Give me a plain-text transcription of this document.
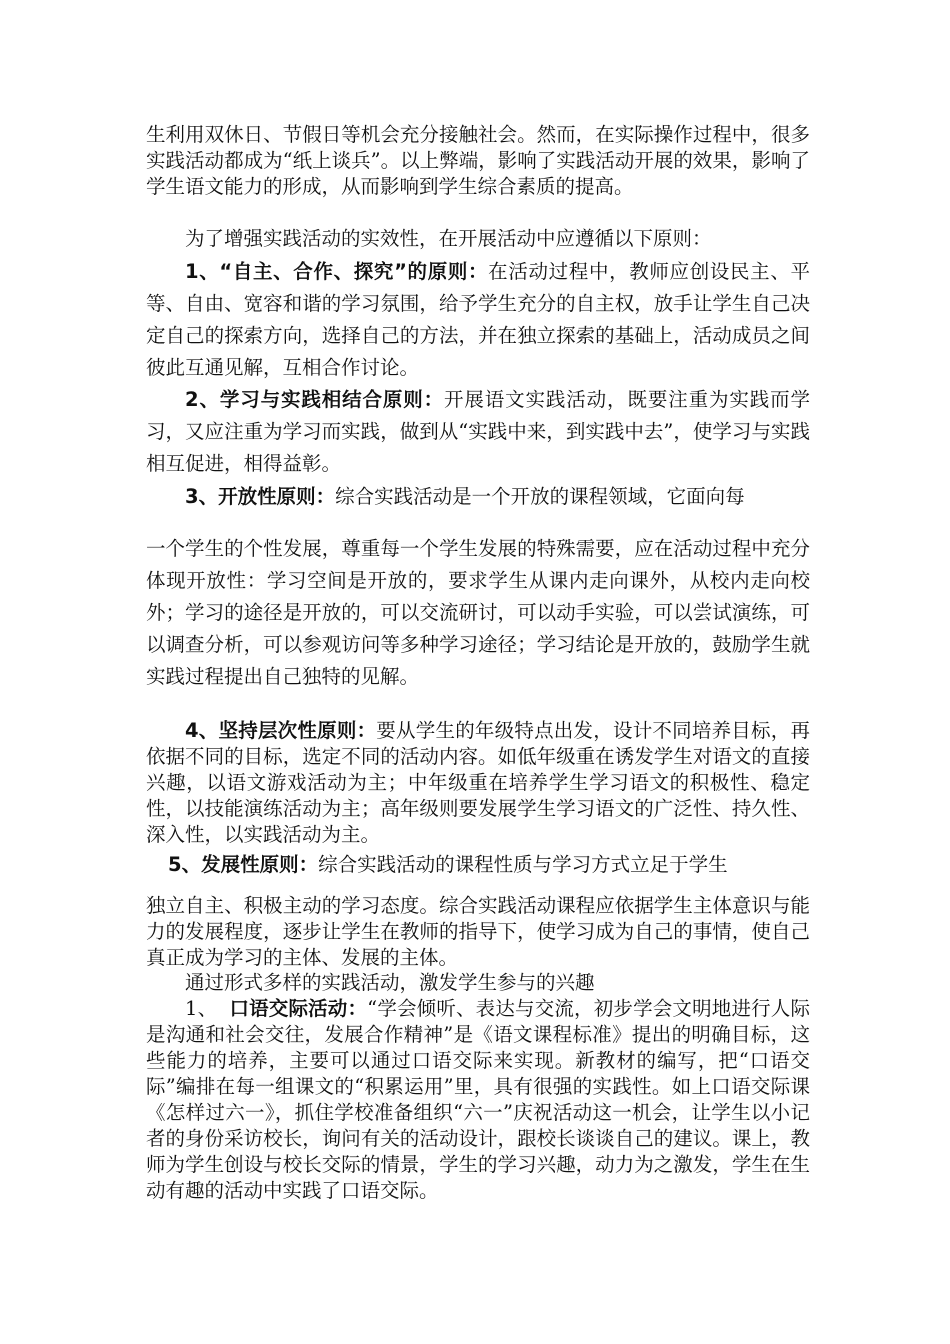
生利用双休日、节假日等机会充分接触社会。然而，在实际操作过程中，很多实践活动都成为“纸上谈兵”。以上弊端，影响了实践活动开展的效果，影响了学生语文能力的形成，从而影响到学生综合素质的提高。

为了增强实践活动的实效性，在开展活动中应遵循以下原则：

1、“自主、合作、探究”的原则：在活动过程中，教师应创设民主、平等、自由、宽容和谐的学习氛围，给予学生充分的自主权，放手让学生自己决定自己的探索方向，选择自己的方法，并在独立探索的基础上，活动成员之间彼此互通见解，互相合作讨论。

2、学习与实践相结合原则：开展语文实践活动，既要注重为实践而学习，又应注重为学习而实践，做到从“实践中来，到实践中去”，使学习与实践相互促进，相得益彰。

3、开放性原则：综合实践活动是一个开放的课程领域，它面向每

一个学生的个性发展，尊重每一个学生发展的特殊需要，应在活动过程中充分体现开放性：学习空间是开放的，要求学生从课内走向课外，从校内走向校外；学习的途径是开放的，可以交流研讨，可以动手实验，可以尝试演练，可以调查分析，可以参观访问等多种学习途径；学习结论是开放的，鼓励学生就实践过程提出自己独特的见解。

4、坚持层次性原则：要从学生的年级特点出发，设计不同培养目标，再依据不同的目标，选定不同的活动内容。如低年级重在诱发学生对语文的直接兴趣，以语文游戏活动为主；中年级重在培养学生学习语文的积极性、稳定性，以技能演练活动为主；高年级则要发展学生学习语文的广泛性、持久性、深入性，以实践活动为主。

5、发展性原则：综合实践活动的课程性质与学习方式立足于学生

独立自主、积极主动的学习态度。综合实践活动课程应依据学生主体意识与能力的发展程度，逐步让学生在教师的指导下，使学习成为自己的事情，使自己真正成为学习的主体、发展的主体。

通过形式多样的实践活动，激发学生参与的兴趣

1、 口语交际活动：“学会倾听、表达与交流，初步学会文明地进行人际是沟通和社会交往，发展合作精神”是《语文课程标准》提出的明确目标，这些能力的培养，主要可以通过口语交际来实现。新教材的编写，把“口语交际”编排在每一组课文的“积累运用”里，具有很强的实践性。如上口语交际课《怎样过六一》，抓住学校准备组织“六一”庆祝活动这一机会，让学生以小记者的身份采访校长，询问有关的活动设计，跟校长谈谈自己的建议。课上，教师为学生创设与校长交际的情景，学生的学习兴趣，动力为之激发，学生在生动有趣的活动中实践了口语交际。
